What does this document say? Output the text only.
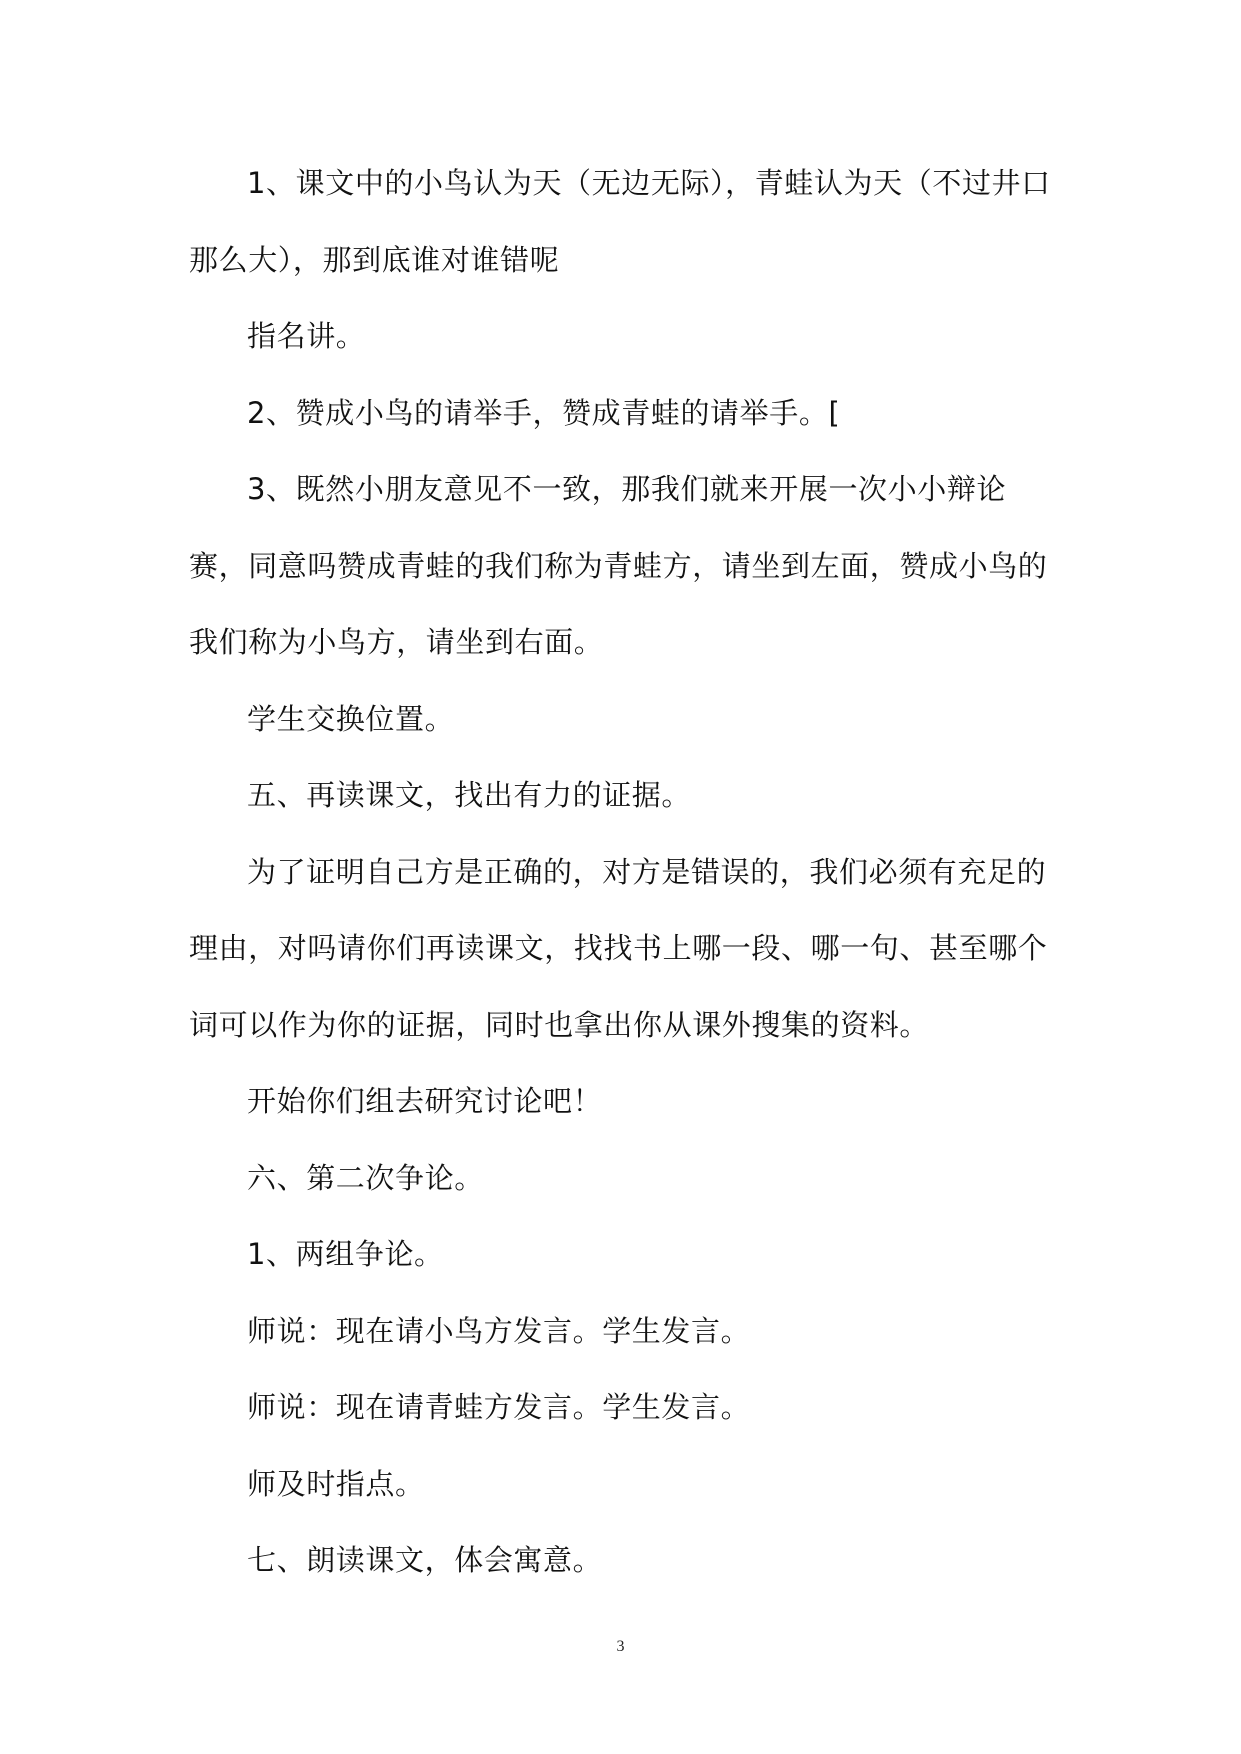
1、课文中的小鸟认为天（无边无际），青蛙认为天（不过井口那么大），那到底谁对谁错呢

指名讲。

2、赞成小鸟的请举手，赞成青蛙的请举手。[

3、既然小朋友意见不一致，那我们就来开展一次小小辩论赛，同意吗赞成青蛙的我们称为青蛙方，请坐到左面，赞成小鸟的我们称为小鸟方，请坐到右面。

学生交换位置。

五、再读课文，找出有力的证据。

为了证明自己方是正确的，对方是错误的，我们必须有充足的理由，对吗请你们再读课文，找找书上哪一段、哪一句、甚至哪个词可以作为你的证据，同时也拿出你从课外搜集的资料。

开始你们组去研究讨论吧！

六、第二次争论。

1、两组争论。

师说：现在请小鸟方发言。学生发言。

师说：现在请青蛙方发言。学生发言。

师及时指点。

七、朗读课文，体会寓意。

3
